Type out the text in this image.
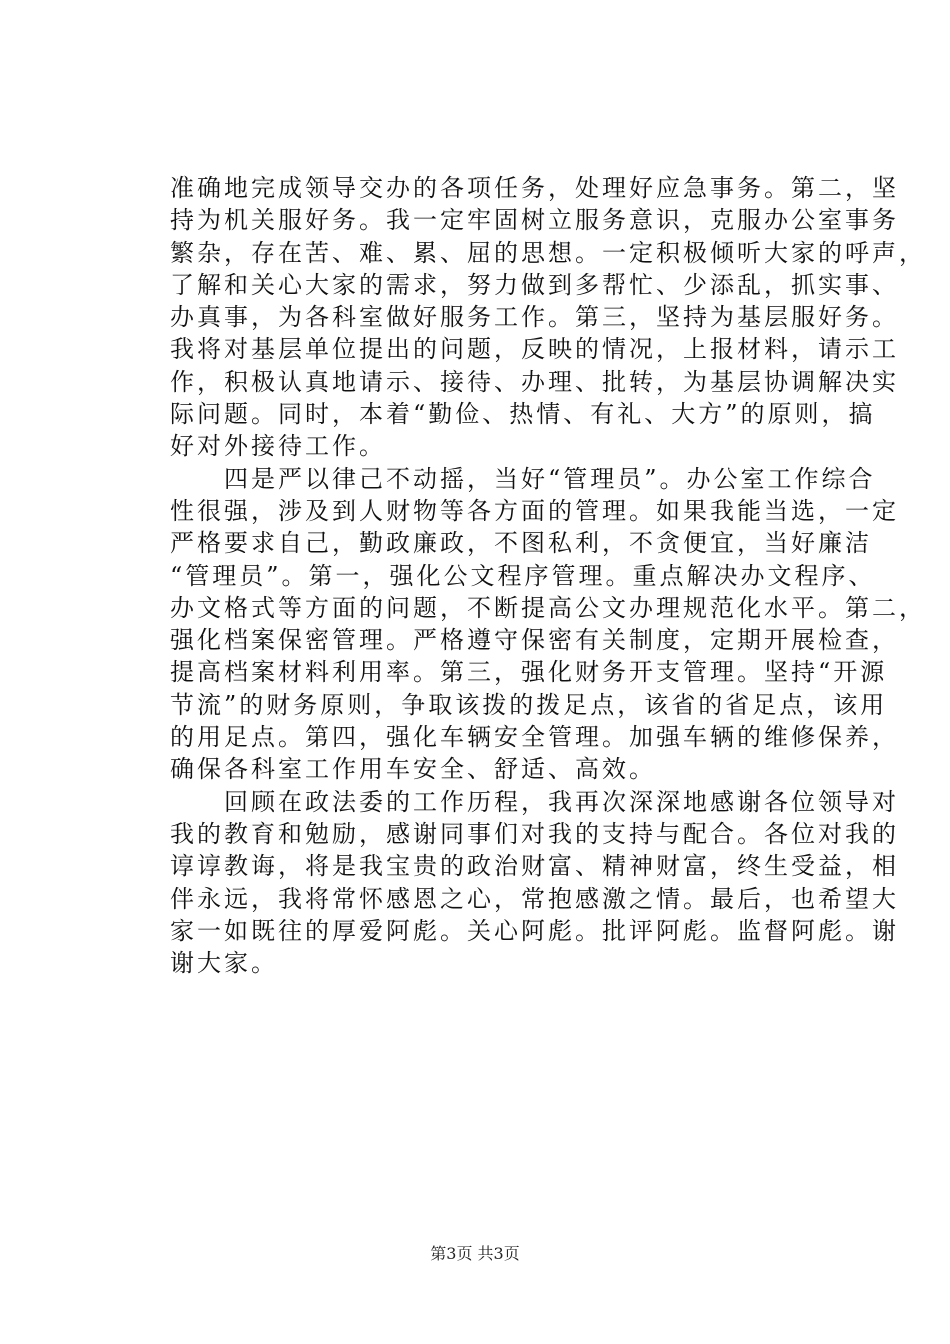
准确地完成领导交办的各项任务，处理好应急事务。第二，坚
持为机关服好务。我一定牢固树立服务意识，克服办公室事务
繁杂，存在苦、难、累、屈的思想。一定积极倾听大家的呼声，
了解和关心大家的需求，努力做到多帮忙、少添乱，抓实事、
办真事，为各科室做好服务工作。第三，坚持为基层服好务。
我将对基层单位提出的问题，反映的情况，上报材料，请示工
作，积极认真地请示、接待、办理、批转，为基层协调解决实
际问题。同时，本着“勤俭、热情、有礼、大方”的原则，搞
好对外接待工作。
　　四是严以律己不动摇，当好“管理员”。办公室工作综合
性很强，涉及到人财物等各方面的管理。如果我能当选，一定
严格要求自己，勤政廉政，不图私利，不贪便宜，当好廉洁
“管理员”。第一，强化公文程序管理。重点解决办文程序、
办文格式等方面的问题，不断提高公文办理规范化水平。第二，
强化档案保密管理。严格遵守保密有关制度，定期开展检查，
提高档案材料利用率。第三，强化财务开支管理。坚持“开源
节流”的财务原则，争取该拨的拨足点，该省的省足点，该用
的用足点。第四，强化车辆安全管理。加强车辆的维修保养，
确保各科室工作用车安全、舒适、高效。
　　回顾在政法委的工作历程，我再次深深地感谢各位领导对
我的教育和勉励，感谢同事们对我的支持与配合。各位对我的
谆谆教诲，将是我宝贵的政治财富、精神财富，终生受益，相
伴永远，我将常怀感恩之心，常抱感激之情。最后，也希望大
家一如既往的厚爱阿彪。关心阿彪。批评阿彪。监督阿彪。谢
谢大家。
第3页 共3页
